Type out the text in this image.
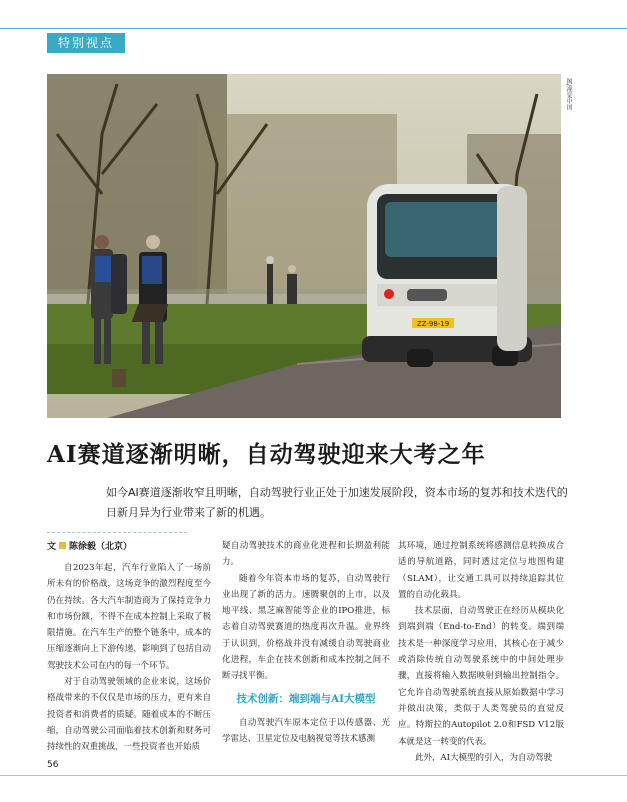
特别视点
ZZ-98-19
图/视觉中国
AI赛道逐渐明晰，自动驾驶迎来大考之年
如今AI赛道逐渐收窄且明晰，自动驾驶行业正处于加速发展阶段，资本市场的复苏和技术迭代的日新月异为行业带来了新的机遇。
文 陈徐毅（北京）

自2023年起，汽车行业陷入了一场前所未有的价格战，这场竞争的激烈程度至今仍在持续。各大汽车制造商为了保持竞争力和市场份额，不得不在成本控制上采取了极限措施。在汽车生产的整个链条中，成本的压缩逐渐向上下游传递，影响到了包括自动驾驶技术公司在内的每一个环节。

对于自动驾驶领域的企业来说，这场价格战带来的不仅仅是市场的压力，更有来自投资者和消费者的质疑。随着成本的不断压缩，自动驾驶公司面临着技术创新和财务可持续性的双重挑战，一些投资者也开始质

疑自动驾驶技术的商业化进程和长期盈利能力。

随着今年资本市场的复苏，自动驾驶行业出现了新的活力。速腾聚创的上市，以及地平线、黑芝麻智能等企业的IPO推进，标志着自动驾驶赛道的热度再次升温。业界终于认识到，价格战并没有减缓自动驾驶商业化进程，车企在技术创新和成本控制之间不断寻找平衡。

技术创新：端到端与AI大模型

自动驾驶汽车原本定位于以传感器、光学雷达、卫星定位及电脑视觉等技术感测

其环境，通过控制系统将感测信息转换成合适的导航道路，同时透过定位与地图构建（SLAM），让交通工具可以持续追踪其位置的自动化载具。

技术层面，自动驾驶正在经历从模块化到端到端（End-to-End）的转变。端到端技术是一种深度学习应用，其核心在于减少或消除传统自动驾驶系统中的中间处理步骤，直接将输入数据映射到输出控制指令。它允许自动驾驶系统直接从原始数据中学习并做出决策，类似于人类驾驶员的直觉反应。特斯拉的Autopilot 2.0和FSD V12版本就是这一转变的代表。

此外，AI大模型的引入，为自动驾驶

56
